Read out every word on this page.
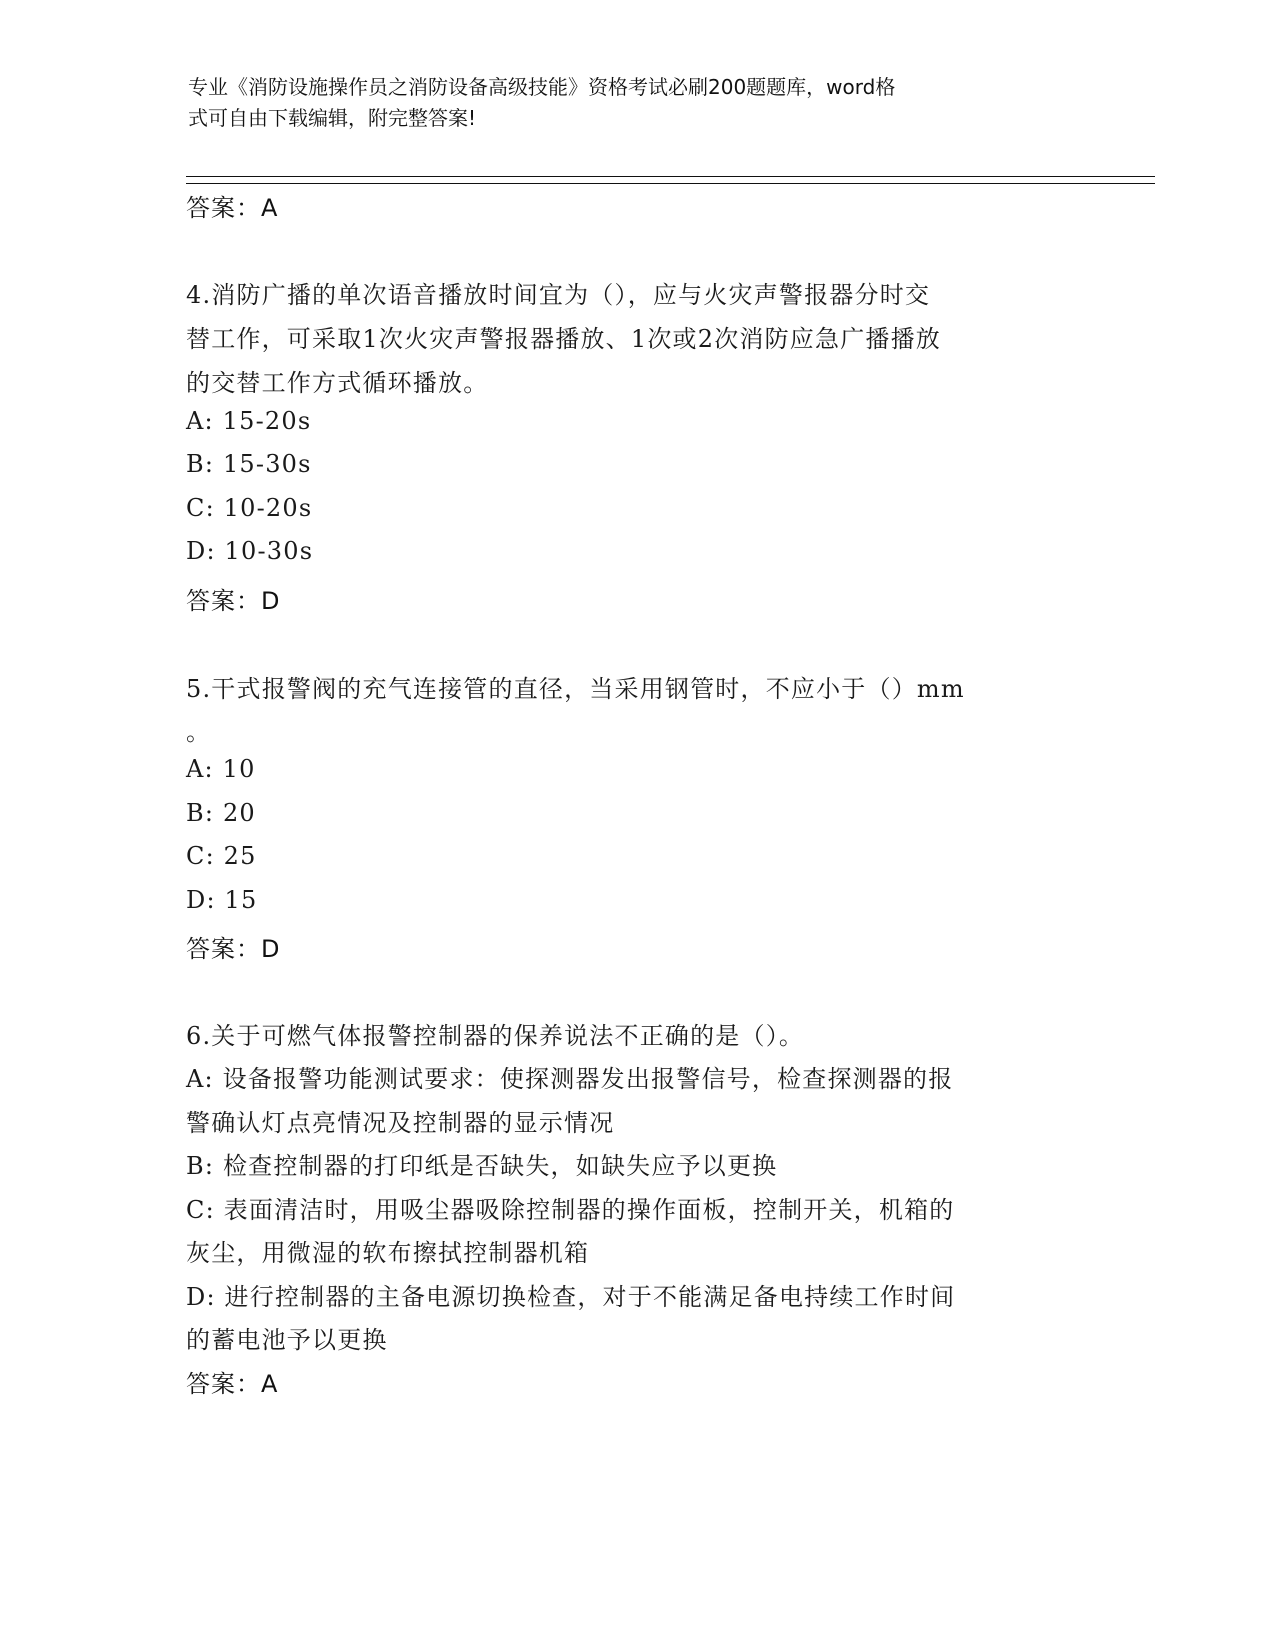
专业《消防设施操作员之消防设备高级技能》资格考试必刷200题题库，word格
式可自由下载编辑，附完整答案!
答案：A
4.消防广播的单次语音播放时间宜为（），应与火灾声警报器分时交
替工作，可采取1次火灾声警报器播放、1次或2次消防应急广播播放
的交替工作方式循环播放。
A: 15-20s
B: 15-30s
C: 10-20s
D: 10-30s
答案：D
5.干式报警阀的充气连接管的直径，当采用钢管时，不应小于（）mm
。
A: 10
B: 20
C: 25
D: 15
答案：D
6.关于可燃气体报警控制器的保养说法不正确的是（）。
A: 设备报警功能测试要求：使探测器发出报警信号，检查探测器的报
警确认灯点亮情况及控制器的显示情况
B: 检查控制器的打印纸是否缺失，如缺失应予以更换
C: 表面清洁时，用吸尘器吸除控制器的操作面板，控制开关，机箱的
灰尘，用微湿的软布擦拭控制器机箱
D: 进行控制器的主备电源切换检查，对于不能满足备电持续工作时间
的蓄电池予以更换
答案：A
